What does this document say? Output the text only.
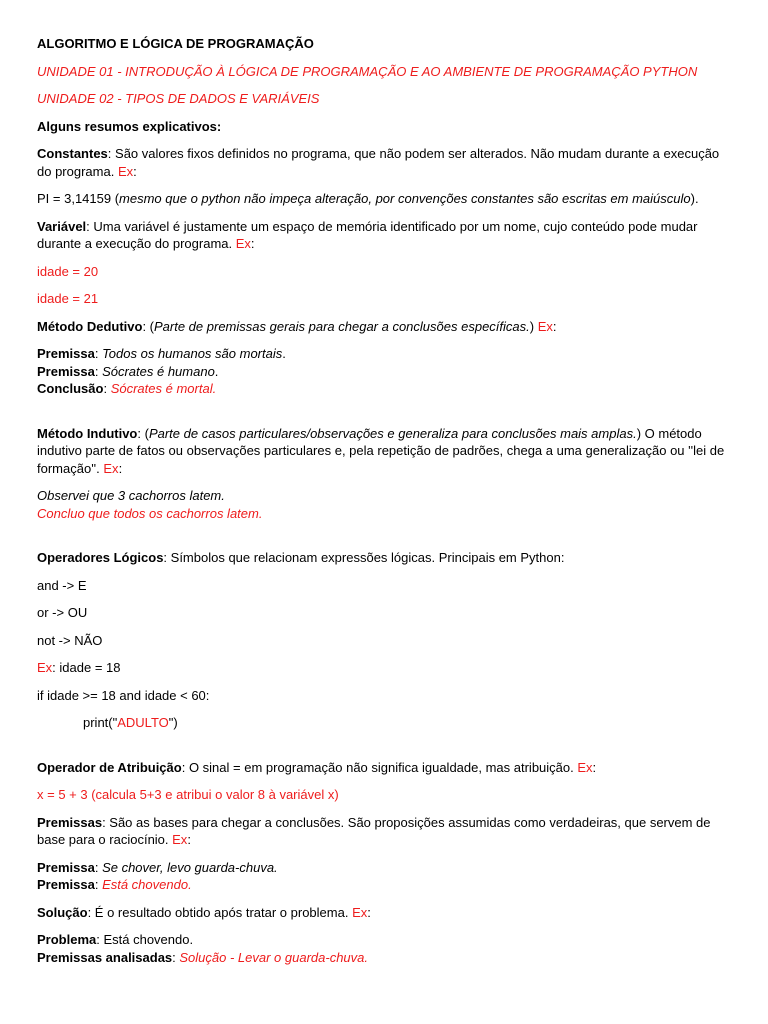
ALGORITMO E LÓGICA DE PROGRAMAÇÃO

UNIDADE 01 - INTRODUÇÃO À LÓGICA DE PROGRAMAÇÃO E AO AMBIENTE DE PROGRAMAÇÃO PYTHON

UNIDADE 02 - TIPOS DE DADOS E VARIÁVEIS

Alguns resumos explicativos:

Constantes: São valores fixos definidos no programa, que não podem ser alterados. Não mudam durante a execução do programa. Ex:

PI = 3,14159 (mesmo que o python não impeça alteração, por convenções constantes são escritas em maiúsculo).

Variável: Uma variável é justamente um espaço de memória identificado por um nome, cujo conteúdo pode mudar durante a execução do programa. Ex:

idade = 20

idade = 21

Método Dedutivo: (Parte de premissas gerais para chegar a conclusões específicas.) Ex:

Premissa: Todos os humanos são mortais.

Premissa: Sócrates é humano.

Conclusão: Sócrates é mortal.

Método Indutivo: (Parte de casos particulares/observações e generaliza para conclusões mais amplas.) O método indutivo parte de fatos ou observações particulares e, pela repetição de padrões, chega a uma generalização ou ''lei de formação''. Ex:

Observei que 3 cachorros latem.

Concluo que todos os cachorros latem.

Operadores Lógicos: Símbolos que relacionam expressões lógicas. Principais em Python:

and -> E

or -> OU

not -> NÃO

Ex: idade = 18

if idade >= 18 and idade < 60:

print("ADULTO")

Operador de Atribuição: O sinal = em programação não significa igualdade, mas atribuição. Ex:

x = 5 + 3 (calcula 5+3 e atribui o valor 8 à variável x)

Premissas: São as bases para chegar a conclusões. São proposições assumidas como verdadeiras, que servem de base para o raciocínio. Ex:

Premissa: Se chover, levo guarda-chuva.

Premissa: Está chovendo.

Solução: É o resultado obtido após tratar o problema. Ex:

Problema: Está chovendo.

Premissas analisadas: Solução - Levar o guarda-chuva.
